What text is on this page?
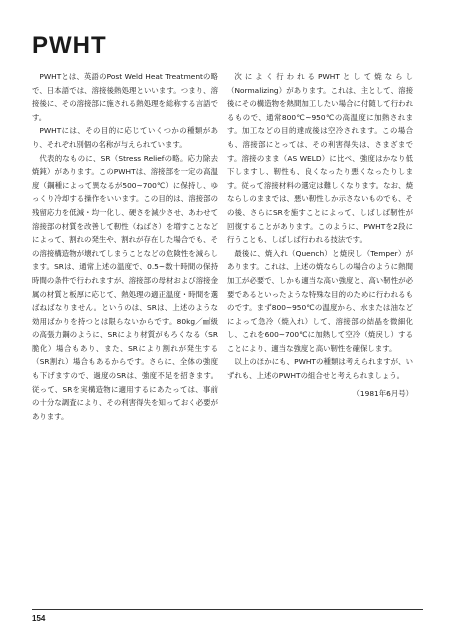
PWHT

PWHTとは、英語のPost Weld Heat Treatmentの略で、日本語では、溶接後熱処理といいます。つまり、溶接後に、その溶接部に施される熱処理を総称する言語です。

PWHTには、その目的に応じていくつかの種類があり、それぞれ別個の名称が与えられています。

代表的なものに、SR（Stress Reliefの略。応力除去焼鈍）があります。このPWHTは、溶接部を一定の高温度（鋼種によって異なるが500~700℃）に保持し、ゆっくり冷却する操作をいいます。この目的は、溶接部の残留応力を低減・均一化し、硬さを減少させ、あわせて溶接部の材質を改善して靭性（ねばさ）を増すことなどによって、割れの発生や、割れが存在した場合でも、その溶接構造物が壊れてしまうことなどの危険性を減らします。SRは、通常上述の温度で、0.5~数十時間の保持時間の条件で行われますが、溶接部の母材および溶接金属の材質と板厚に応じて、熱処理の適正温度・時間を選ばねばなりません。というのは、SRは、上述のような効用ばかりを持つとは限らないからです。80kg／㎟級の高張力鋼のように、SRにより材質がもろくなる（SR脆化）場合もあり、また、SRにより割れが発生する（SR割れ）場合もあるからです。さらに、全体の強度も下げますので、過度のSRは、強度不足を招きます。従って、SRを実構造物に適用するにあたっては、事前の十分な調査により、その利害得失を知っておく必要があります。

次によく行われるPWHTとして焼ならし（Normalizing）があります。これは、主として、溶接後にその構造物を熱間加工したい場合に付随して行われるもので、通常800℃~950℃の高温度に加熱されます。加工などの目的達成後は空冷されます。この場合も、溶接部にとっては、その利害得失は、さまざまです。溶接のまま（AS WELD）に比べ、強度はかなり低下しますし、靭性も、良くなったり悪くなったりします。従って溶接材料の選定は難しくなります。なお、焼ならしのままでは、悪い靭性しか示さないものでも、その後、さらにSRを施すことによって、しばしば靭性が回復することがあります。このように、PWHTを2段に行うことも、しばしば行われる技法です。

最後に、焼入れ（Quench）と焼戻し（Temper）があります。これは、上述の焼ならしの場合のように熱間加工が必要で、しかも適当な高い強度と、高い靭性が必要であるといったような特殊な目的のために行われるものです。まず800~950℃の温度から、水または油などによって急冷（焼入れ）して、溶接部の結晶を微細化し、これを600~700℃に加熱して空冷（焼戻し）することにより、適当な強度と高い靭性を確保します。

以上のほかにも、PWHTの種類は考えられますが、いずれも、上述のPWHTの組合せと考えられましょう。

（1981年6月号）

154
